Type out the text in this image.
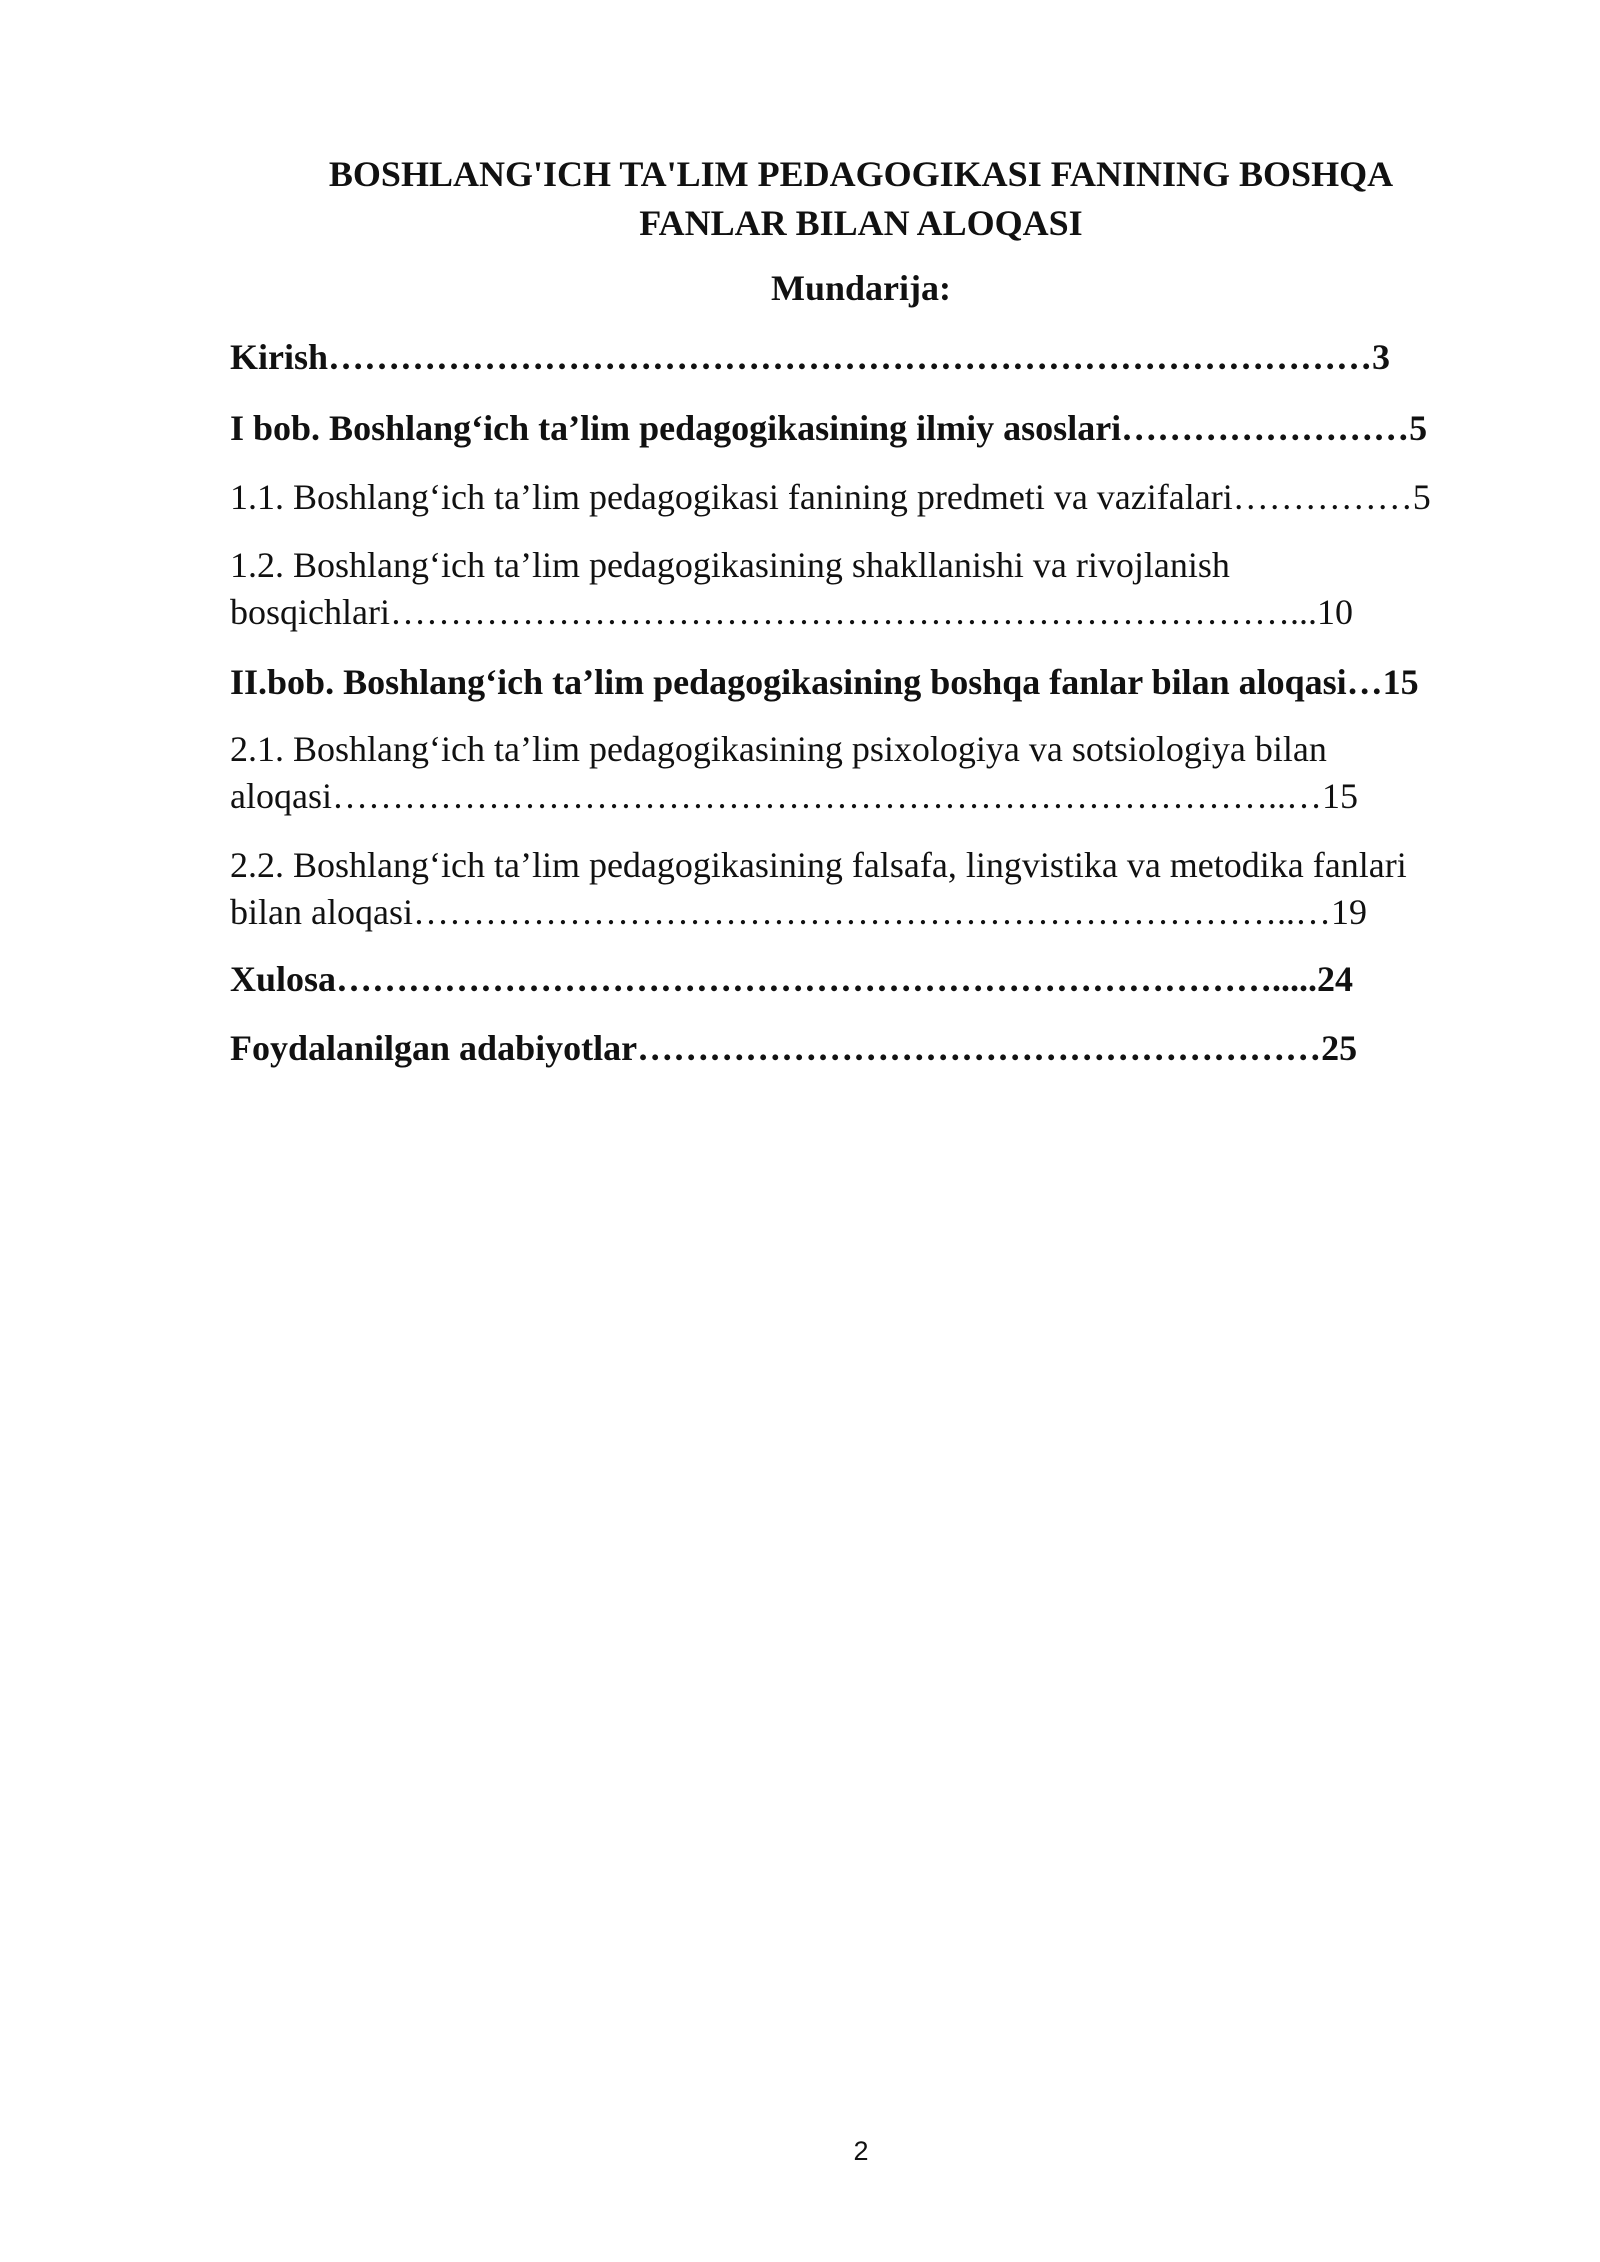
BOSHLANG'ICH TA'LIM PEDAGOGIKASI FANINING BOSHQA
FANLAR BILAN ALOQASI
Mundarija:
Kirish……………………………………………………………………………3
I bob. Boshlang‘ich ta’lim pedagogikasining ilmiy asoslari……………………5
1.1. Boshlang‘ich ta’lim pedagogikasi fanining predmeti va vazifalari……………5
1.2. Boshlang‘ich ta’lim pedagogikasining shakllanishi va rivojlanish
bosqichlari…………………………………………………………………...10
II.bob. Boshlang‘ich ta’lim pedagogikasining boshqa fanlar bilan aloqasi…15
2.1. Boshlang‘ich ta’lim pedagogikasining psixologiya va sotsiologiya bilan
aloqasi……………………………………………………………………..…15
2.2. Boshlang‘ich ta’lim pedagogikasining falsafa, lingvistika va metodika fanlari
bilan aloqasi………………………………………………………………..…19
Xulosa…………………………………………………………………….....24
Foydalanilgan adabiyotlar…………………………………………………25
2
